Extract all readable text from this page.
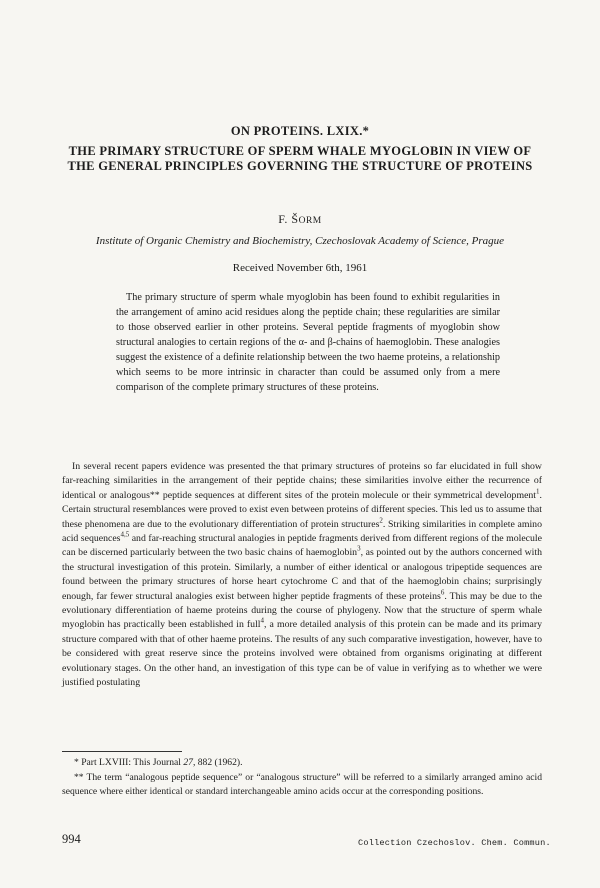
ON PROTEINS. LXIX.*
THE PRIMARY STRUCTURE OF SPERM WHALE MYOGLOBIN IN VIEW OF THE GENERAL PRINCIPLES GOVERNING THE STRUCTURE OF PROTEINS
F. ŠORM
Institute of Organic Chemistry and Biochemistry, Czechoslovak Academy of Science, Prague
Received November 6th, 1961
The primary structure of sperm whale myoglobin has been found to exhibit regularities in the arrangement of amino acid residues along the peptide chain; these regularities are similar to those observed earlier in other proteins. Several peptide fragments of myoglobin show structural analogies to certain regions of the α- and β-chains of haemoglobin. These analogies suggest the existence of a definite relationship between the two haeme proteins, a relationship which seems to be more intrinsic in character than could be assumed only from a mere comparison of the complete primary structures of these proteins.
In several recent papers evidence was presented the that primary structures of proteins so far elucidated in full show far-reaching similarities in the arrangement of their peptide chains; these similarities involve either the recurrence of identical or analogous** peptide sequences at different sites of the protein molecule or their symmetrical development$^1$. Certain structural resemblances were proved to exist even between proteins of different species. This led us to assume that these phenomena are due to the evolutionary differentiation of protein structures$^2$. Striking similarities in complete amino acid sequences$^{4,5}$ and far-reaching structural analogies in peptide fragments derived from different regions of the molecule can be discerned particularly between the two basic chains of haemoglobin$^3$, as pointed out by the authors concerned with the structural investigation of this protein. Similarly, a number of either identical or analogous tripeptide sequences are found between the primary structures of horse heart cytochrome C and that of the haemoglobin chains; surprisingly enough, far fewer structural analogies exist between higher peptide fragments of these proteins$^6$. This may be due to the evolutionary differentiation of haeme proteins during the course of phylogeny. Now that the structure of sperm whale myoglobin has practically been established in full$^4$, a more detailed analysis of this protein can be made and its primary structure compared with that of other haeme proteins. The results of any such comparative investigation, however, have to be considered with great reserve since the proteins involved were obtained from organisms originating at different evolutionary stages. On the other hand, an investigation of this type can be of value in verifying as to whether we were justified postulating
* Part LXVIII: This Journal 27, 882 (1962).
** The term “analogous peptide sequence” or “analogous structure” will be referred to a similarly arranged amino acid sequence where either identical or standard interchangeable amino acids occur at the corresponding positions.
994	Collection Czechoslov. Chem. Commun.
